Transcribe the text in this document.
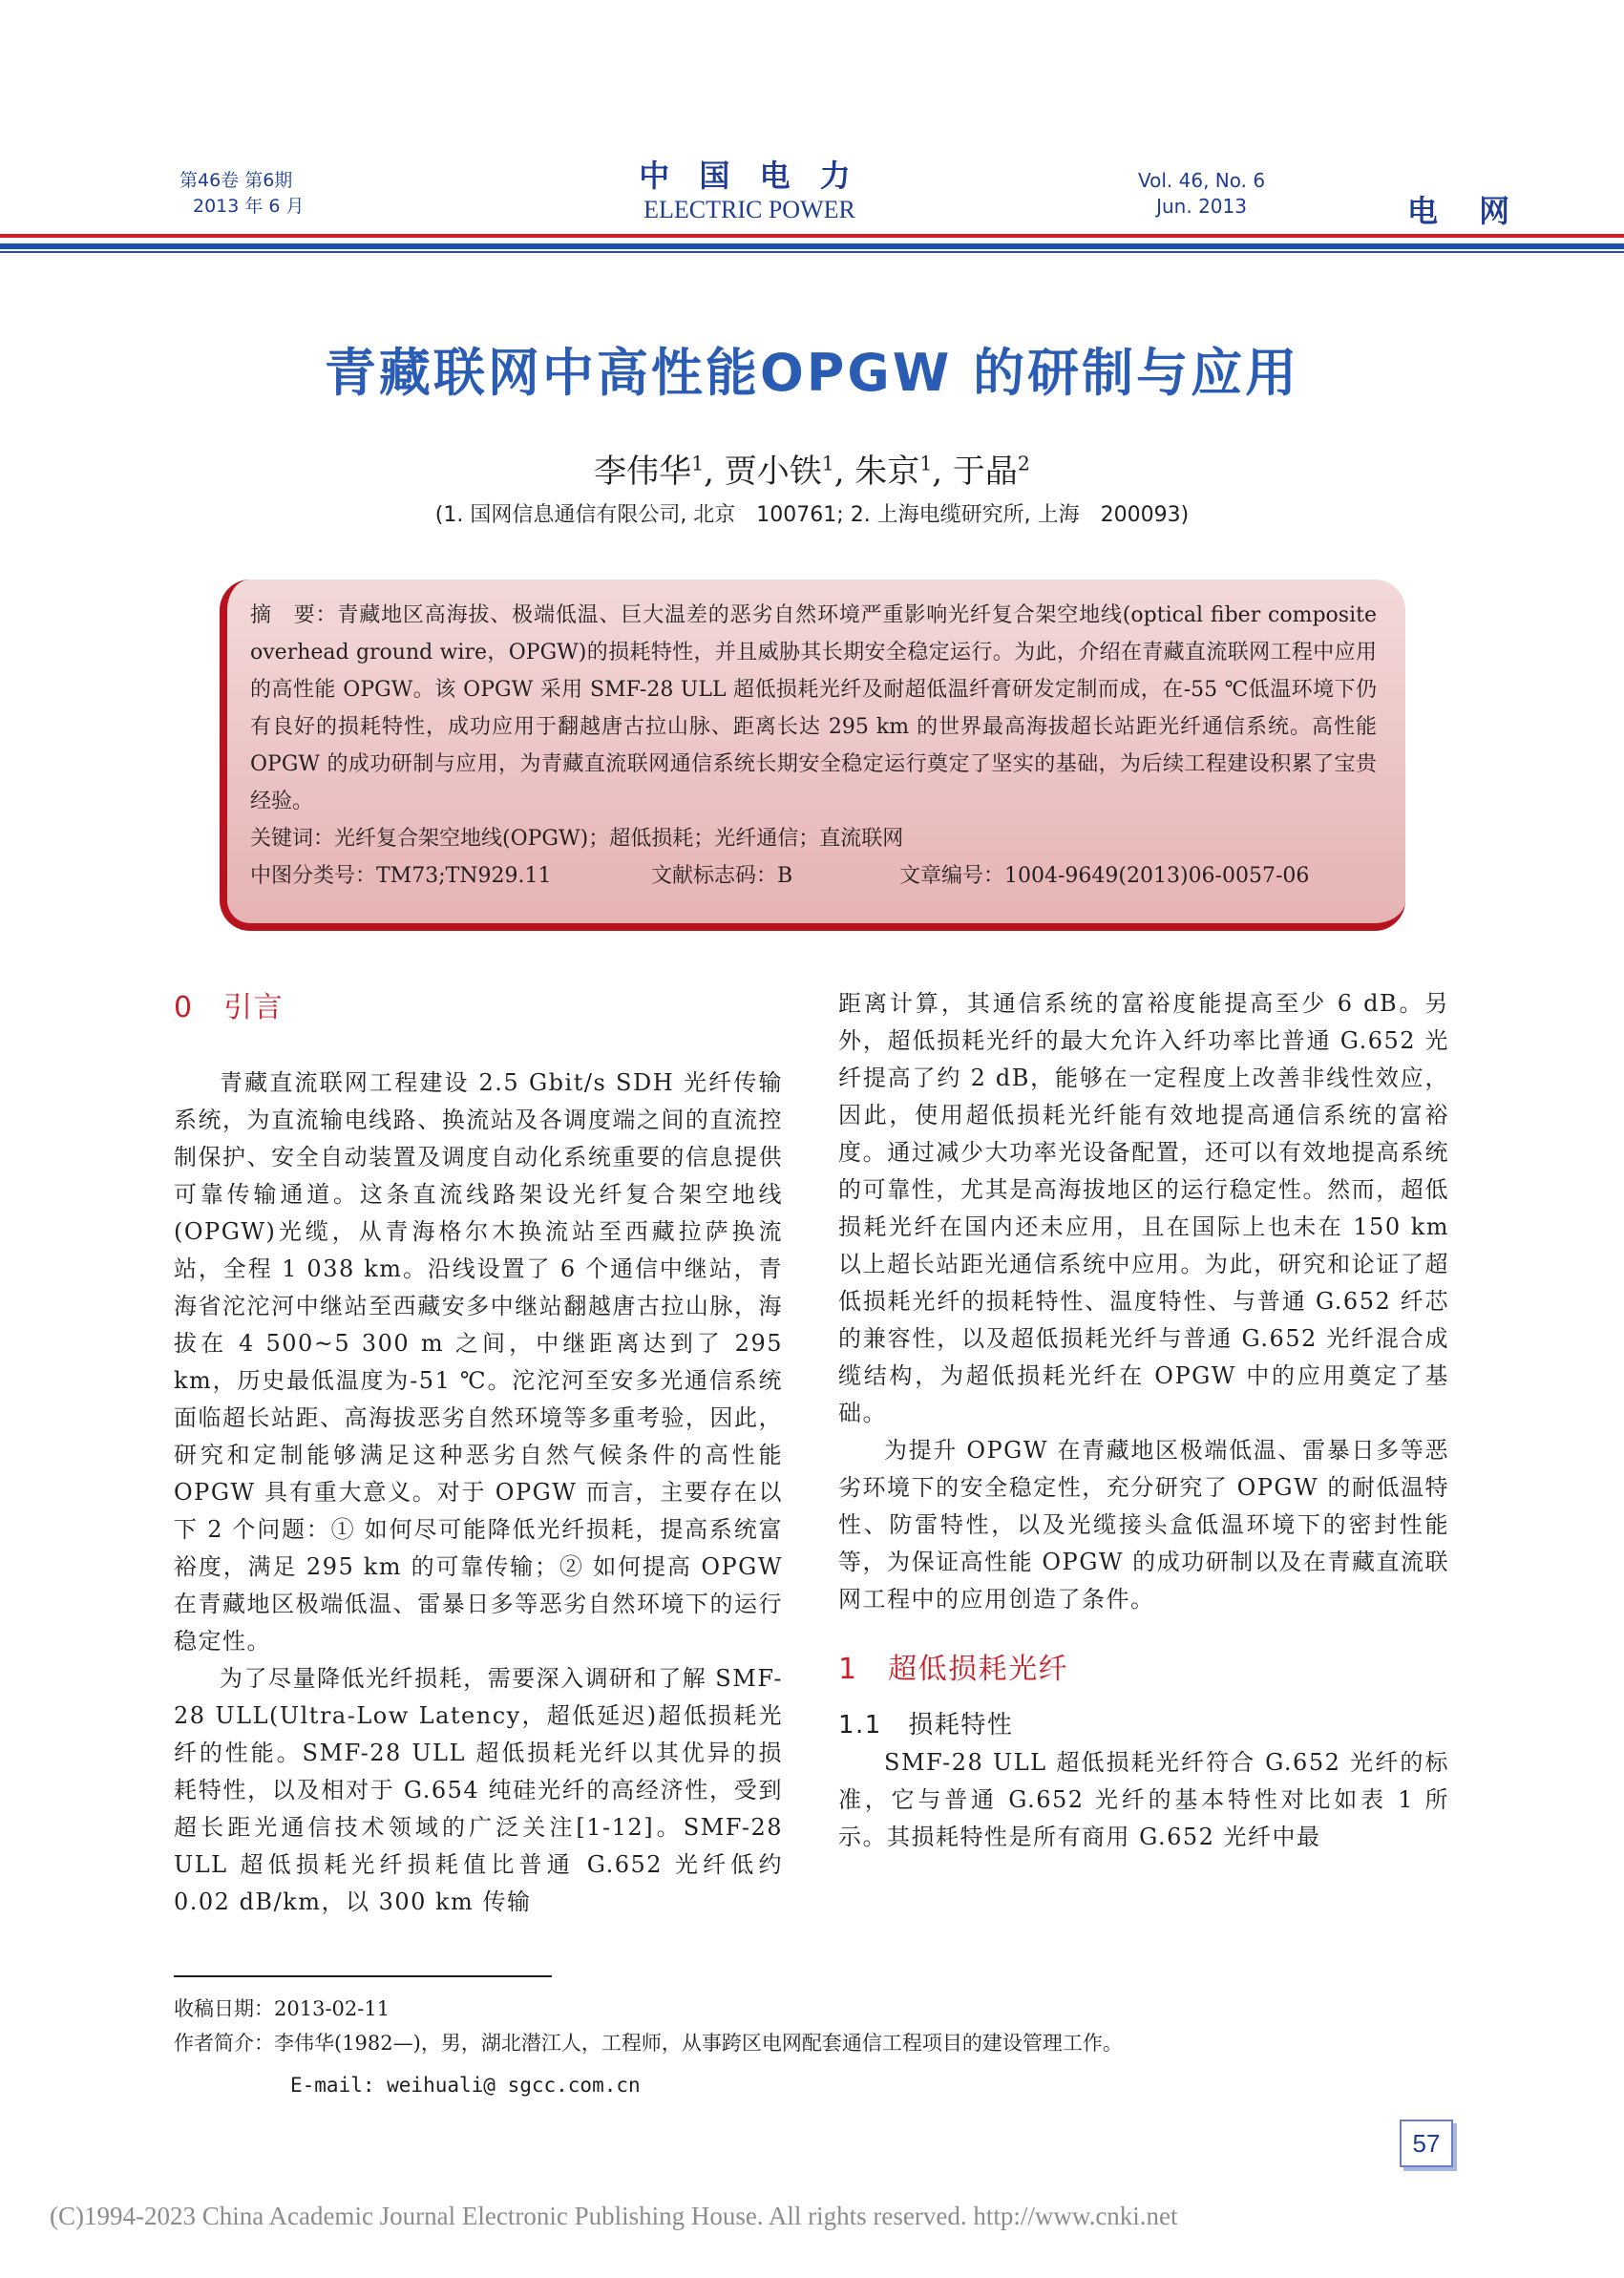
第46卷 第6期
2013 年 6 月
中 国 电 力
ELECTRIC POWER
Vol. 46, No. 6
Jun. 2013	电 网
青藏联网中高性能OPGW 的研制与应用
李伟华$^1$, 贾小铁$^1$, 朱京$^1$, 于晶$^2$
(1. 国网信息通信有限公司, 北京　100761; 2. 上海电缆研究所, 上海　200093)

摘　要：青藏地区高海拔、极端低温、巨大温差的恶劣自然环境严重影响光纤复合架空地线(optical fiber composite overhead ground wire，OPGW)的损耗特性，并且威胁其长期安全稳定运行。为此，介绍在青藏直流联网工程中应用的高性能 OPGW。该 OPGW 采用 SMF-28 ULL 超低损耗光纤及耐超低温纤膏研发定制而成，在-55 ℃低温环境下仍有良好的损耗特性，成功应用于翻越唐古拉山脉、距离长达 295 km 的世界最高海拔超长站距光纤通信系统。高性能 OPGW 的成功研制与应用，为青藏直流联网通信系统长期安全稳定运行奠定了坚实的基础，为后续工程建设积累了宝贵经验。

关键词：光纤复合架空地线(OPGW)；超低损耗；光纤通信；直流联网

中图分类号：TM73;TN929.11	文献标志码：B	文章编号：1004-9649(2013)06-0057-06

0　引言

青藏直流联网工程建设 2.5 Gbit/s SDH 光纤传输系统，为直流输电线路、换流站及各调度端之间的直流控制保护、安全自动装置及调度自动化系统重要的信息提供可靠传输通道。这条直流线路架设光纤复合架空地线(OPGW)光缆，从青海格尔木换流站至西藏拉萨换流站，全程 1 038 km。沿线设置了 6 个通信中继站，青海省沱沱河中继站至西藏安多中继站翻越唐古拉山脉，海拔在 4 500~5 300 m 之间，中继距离达到了 295 km，历史最低温度为-51 ℃。沱沱河至安多光通信系统面临超长站距、高海拔恶劣自然环境等多重考验，因此，研究和定制能够满足这种恶劣自然气候条件的高性能 OPGW 具有重大意义。对于 OPGW 而言，主要存在以下 2 个问题：① 如何尽可能降低光纤损耗，提高系统富裕度，满足 295 km 的可靠传输；② 如何提高 OPGW 在青藏地区极端低温、雷暴日多等恶劣自然环境下的运行稳定性。

为了尽量降低光纤损耗，需要深入调研和了解 SMF-28 ULL(Ultra-Low Latency，超低延迟)超低损耗光纤的性能。SMF-28 ULL 超低损耗光纤以其优异的损耗特性，以及相对于 G.654 纯硅光纤的高经济性，受到超长距光通信技术领域的广泛关注[1-12]。SMF-28 ULL 超低损耗光纤损耗值比普通 G.652 光纤低约 0.02 dB/km，以 300 km 传输

距离计算，其通信系统的富裕度能提高至少 6 dB。另外，超低损耗光纤的最大允许入纤功率比普通 G.652 光纤提高了约 2 dB，能够在一定程度上改善非线性效应，因此，使用超低损耗光纤能有效地提高通信系统的富裕度。通过减少大功率光设备配置，还可以有效地提高系统的可靠性，尤其是高海拔地区的运行稳定性。然而，超低损耗光纤在国内还未应用，且在国际上也未在 150 km 以上超长站距光通信系统中应用。为此，研究和论证了超低损耗光纤的损耗特性、温度特性、与普通 G.652 纤芯的兼容性，以及超低损耗光纤与普通 G.652 光纤混合成缆结构，为超低损耗光纤在 OPGW 中的应用奠定了基础。

为提升 OPGW 在青藏地区极端低温、雷暴日多等恶劣环境下的安全稳定性，充分研究了 OPGW 的耐低温特性、防雷特性，以及光缆接头盒低温环境下的密封性能等，为保证高性能 OPGW 的成功研制以及在青藏直流联网工程中的应用创造了条件。

1　超低损耗光纤
1.1　损耗特性

SMF-28 ULL 超低损耗光纤符合 G.652 光纤的标准，它与普通 G.652 光纤的基本特性对比如表 1 所示。其损耗特性是所有商用 G.652 光纤中最

收稿日期：2013-02-11
作者简介：李伟华(1982—)，男，湖北潜江人，工程师，从事跨区电网配套通信工程项目的建设管理工作。
E-mail: weihuali@ sgcc.com.cn
57
(C)1994-2023 China Academic Journal Electronic Publishing House. All rights reserved. http://www.cnki.net
